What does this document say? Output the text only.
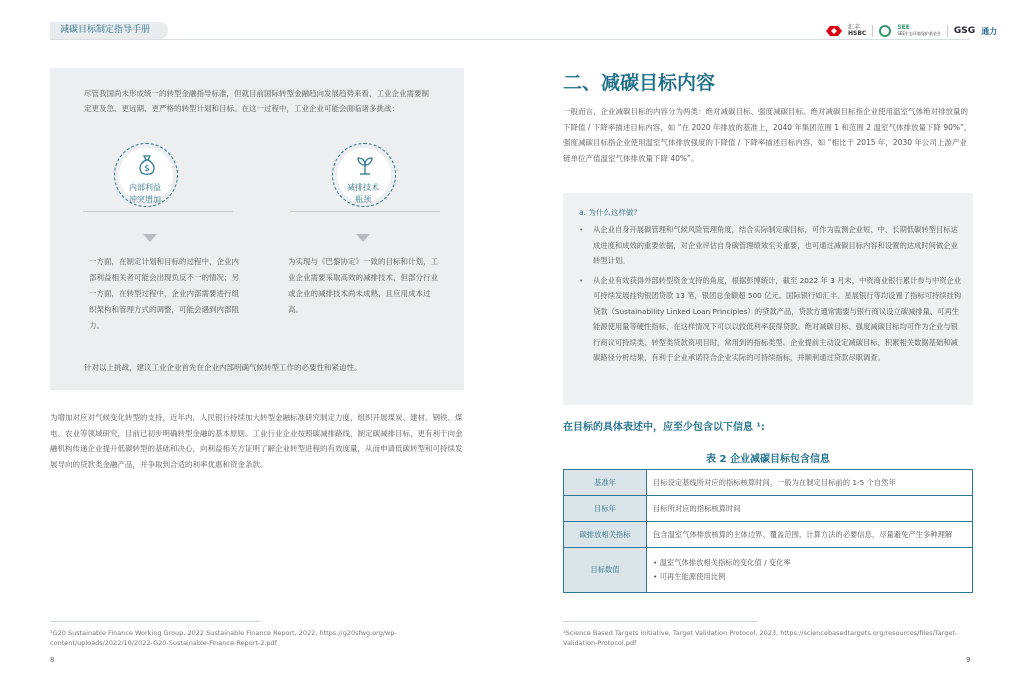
减碳目标制定指导手册	汇丰
HSBC
SEE
SEE生态环境保护基金会 GSG 通力
尽管我国尚未形成统一的转型金融指导标准，但就目前国际转型金融趋向发展趋势来看，工业企业需要制定更及急、更远期、更严格的转型计划和目标。在这一过程中，工业企业可能会面临诸多挑战：
$
内部利益
冲突增加
减排技术
瓶颈
一方面，在制定计划和目标的过程中，企业内部利益相关者可能会出现负反不一的情况；另一方面，在转型过程中，企业内部需要进行组织架构和管理方式的调整，可能会遇到内部阻力。
为实现与《巴黎协定》一致的目标和计划，工业企业需要采取高效的减排技术，但部分行业或企业的减排技术尚未成熟，且应用成本过高。
针对以上挑战，建议工业企业首先在企业内部明确气候转型工作的必要性和紧迫性。
为增加对应对气候变化转型的支持，近年内，人民银行持续加大转型金融标准研究制定力度，组织开展煤炭、建材、钢铁、煤电、农业等领域研究，目前已初步明确转型金融的基本原则。工业行业企业按照碳减排路线、制定碳减排目标，更有利于向金融机构传递企业提升低碳转型的基础和决心，向利益相关方证明了解企业转型进程的有效度量，从而申请低碳转型和可持续发展导向的贷款类金融产品，并争取到合适的利率优惠和资金条款。
¹G20 Sustainable Finance Working Group, 2022 Sustainable Finance Report, 2022, https://g20sfwg.org/wp-content/uploads/2022/10/2022-G20-Sustainable-Finance-Report-2.pdf
8
二、减碳目标内容
一般而言，企业减碳目标的内容分为两类：绝对减碳目标、强度减碳目标。绝对减碳目标指企业使用温室气体绝对排放量的下降值 / 下降率描述目标内容，如 “在 2020 年排放的基准上，2040 年集团范围 1 和范围 2 温室气体排放量下降 90%”，强度减碳目标指企业使用温室气体排放强度的下降值 / 下降率描述目标内容，如 “相比于 2015 年，2030 年公司上游产业链单位产值温室气体排放量下降 40%”。
a. 为什么这样做？
• 从企业自身开展碳管理和气候风险管理角度，结合实际制定碳目标，可作为监测企业短、中、长期低碳转型目标达成进度和成效的重要依据，对企业评估自身碳管理绩效至关重要，也可通过减碳目标内容和设置的达成时间做企业转型计划。
• 从企业有效获得外部转型资金支持的角度，根据彭博统计，截至 2022 年 3 月末，中资商业银行累计参与中资企业可持续发展挂钩银团贷款 13 笔，银团总金额超 500 亿元。国际银行如汇丰、星展银行等均设置了指标可持续挂钩贷款（Sustainability Linked Loan Principles）的贷款产品，贷款方通常需要与银行商议设立碳减排量、可再生能源使用量等硬性指标，在这样情况下可以以较低利率获得贷款。绝对减碳目标、强度减碳目标均可作为企业与银行商议可持续类、转型类贷款资项目时，常用到的指标类型。企业提前主动设定减碳目标，积累相关数据基础和减碳路径分析结果，有利于企业承诺符合企业实际的可持续指标，并顺利通过贷款尽职调查。
在目标的具体表述中，应至少包含以下信息 ¹:
表 2 企业减碳目标包含信息
基准年	目标设定基线所对应的指标核算时间，一般为在制定目标前的 1-5 个自然年
目标年	目标所对应的指标核算时间
碳排放相关指标	包含温室气体排放核算的主体边界、覆盖范围、计算方法的必要信息，尽量避免产生多种理解
目标数值	• 温室气体排放相关指标的变化值 / 变化率
• 可再生能源使用比例
¹Science Based Targets initiative, Target Validation Protocol, 2023, https://sciencebasedtargets.org/resources/files/Target-Validation-Protocol.pdf
9
